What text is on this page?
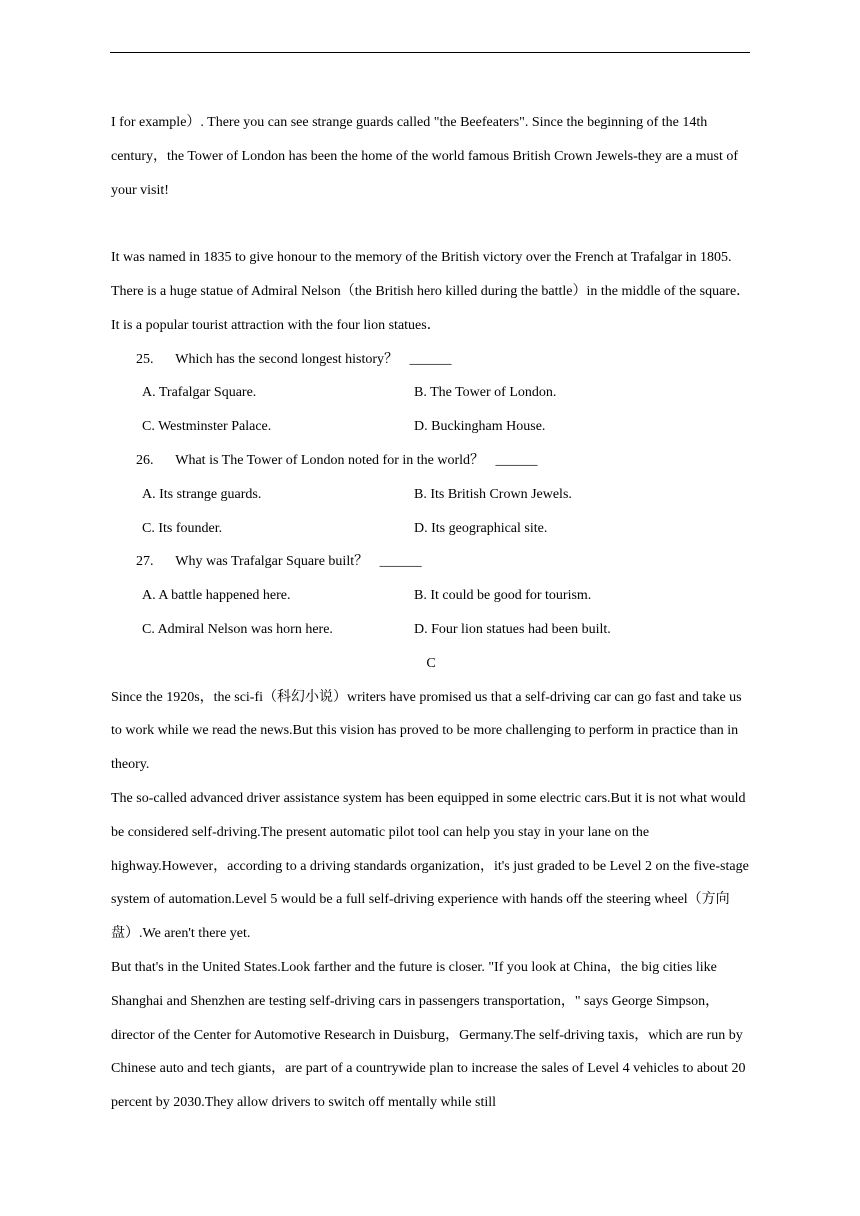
I for example）. There you can see strange guards called "the Beefeaters". Since the beginning of the 14th century，the Tower of London has been the home of the world famous British Crown Jewels-they are a must of your visit!

It was named in 1835 to give honour to the memory of the British victory over the French at Trafalgar in 1805. There is a huge statue of Admiral Nelson（the British hero killed during the battle）in the middle of the square．It is a popular tourist attraction with the four lion statues．

25. Which has the second longest history？ ______

A. Trafalgar Square.	B. The Tower of London.
C. Westminster Palace.	D. Buckingham House.

26. What is The Tower of London noted for in the world？ ______

A. Its strange guards.	B. Its British Crown Jewels.
C. Its founder.	D. Its geographical site.

27. Why was Trafalgar Square built？ ______

A. A battle happened here.	B. It could be good for tourism.
C. Admiral Nelson was horn here.	D. Four lion statues had been built.

C

Since the 1920s，the sci-fi（科幻小说）writers have promised us that a self-driving car can go fast and take us to work while we read the news.But this vision has proved to be more challenging to perform in practice than in theory.

The so-called advanced driver assistance system has been equipped in some electric cars.But it is not what would be considered self-driving.The present automatic pilot tool can help you stay in your lane on the highway.However，according to a driving standards organization，it's just graded to be Level 2 on the five-stage system of automation.Level 5 would be a full self-driving experience with hands off the steering wheel（方向盘）.We aren't there yet.

But that's in the United States.Look farther and the future is closer. "If you look at China，the big cities like Shanghai and Shenzhen are testing self-driving cars in passengers transportation，" says George Simpson，director of the Center for Automotive Research in Duisburg，Germany.The self-driving taxis，which are run by Chinese auto and tech giants，are part of a countrywide plan to increase the sales of Level 4 vehicles to about 20 percent by 2030.They allow drivers to switch off mentally while still
